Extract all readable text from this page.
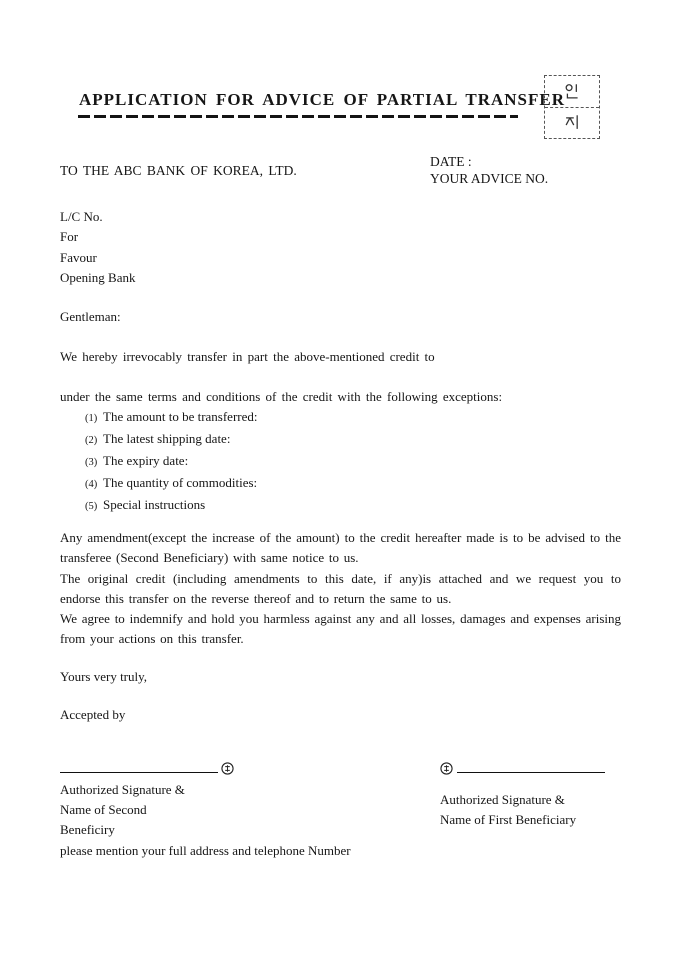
APPLICATION FOR ADVICE OF PARTIAL TRANSFER
TO THE ABC BANK OF KOREA, LTD.
DATE :
YOUR ADVICE NO.
L/C No.
For
Favour
Opening Bank
Gentleman:
We hereby irrevocably transfer in part the above-mentioned credit to
under the same terms and conditions of the credit with the following exceptions:
(1) The amount to be transferred:
(2) The latest shipping date:
(3) The expiry date:
(4) The quantity of commodities:
(5) Special instructions

Any amendment(except the increase of the amount) to the credit hereafter made is to be advised to the transferee (Second Beneficiary) with same notice to us.

The original credit (including amendments to this date, if any)is attached and we request you to endorse this transfer on the reverse thereof and to return the same to us.

We agree to indemnify and hold you harmless against any and all losses, damages and expenses arising from your actions on this transfer.

Yours very truly,
Accepted by
Authorized Signature &
Name of Second
Beneficiry
please mention your full address and telephone Number
Authorized Signature &
Name of First Beneficiary
